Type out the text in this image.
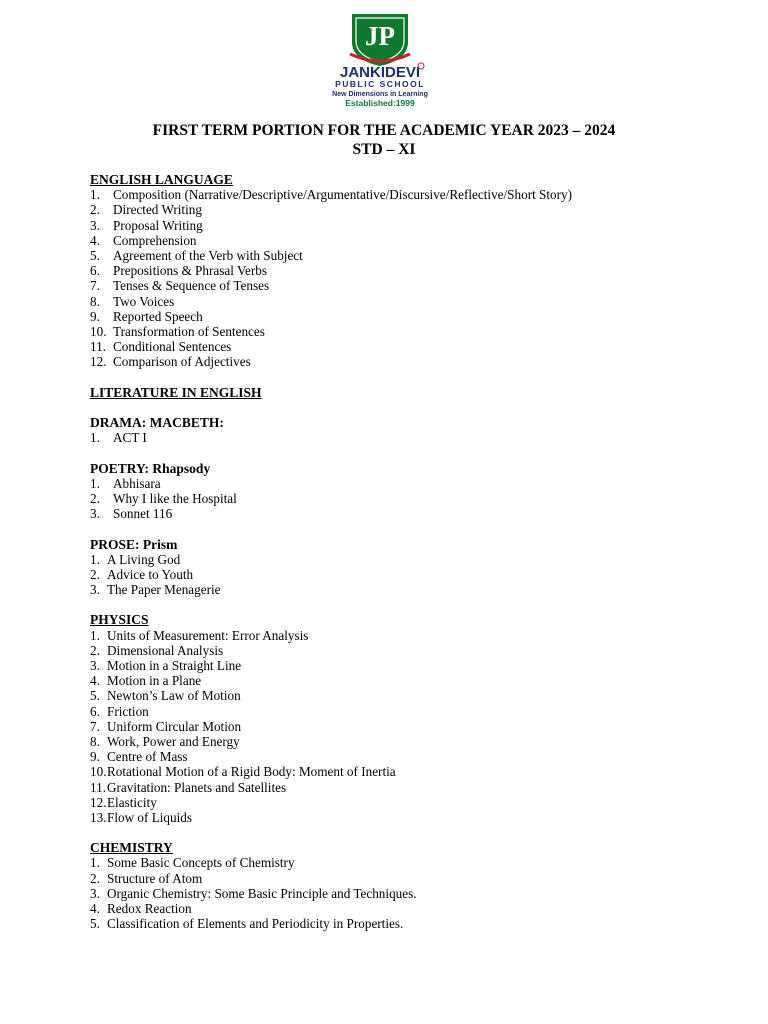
JP
JANKIDEVI
PUBLIC SCHOOL
New Dimensions in Learning
Established:1999
FIRST TERM PORTION FOR THE ACADEMIC YEAR 2023 – 2024
STD – XI
ENGLISH LANGUAGE
1. Composition (Narrative/Descriptive/Argumentative/Discursive/Reflective/Short Story)
2. Directed Writing
3. Proposal Writing
4. Comprehension
5. Agreement of the Verb with Subject
6. Prepositions & Phrasal Verbs
7. Tenses & Sequence of Tenses
8. Two Voices
9. Reported Speech
10. Transformation of Sentences
11. Conditional Sentences
12. Comparison of Adjectives
LITERATURE IN ENGLISH
DRAMA: MACBETH:
1. ACT I
POETRY: Rhapsody
1. Abhisara
2. Why I like the Hospital
3. Sonnet 116
PROSE: Prism
1. A Living God
2. Advice to Youth
3. The Paper Menagerie
PHYSICS
1. Units of Measurement: Error Analysis
2. Dimensional Analysis
3. Motion in a Straight Line
4. Motion in a Plane
5. Newton’s Law of Motion
6. Friction
7. Uniform Circular Motion
8. Work, Power and Energy
9. Centre of Mass
10. Rotational Motion of a Rigid Body: Moment of Inertia
11. Gravitation: Planets and Satellites
12. Elasticity
13. Flow of Liquids
CHEMISTRY
1. Some Basic Concepts of Chemistry
2. Structure of Atom
3. Organic Chemistry: Some Basic Principle and Techniques.
4. Redox Reaction
5. Classification of Elements and Periodicity in Properties.
